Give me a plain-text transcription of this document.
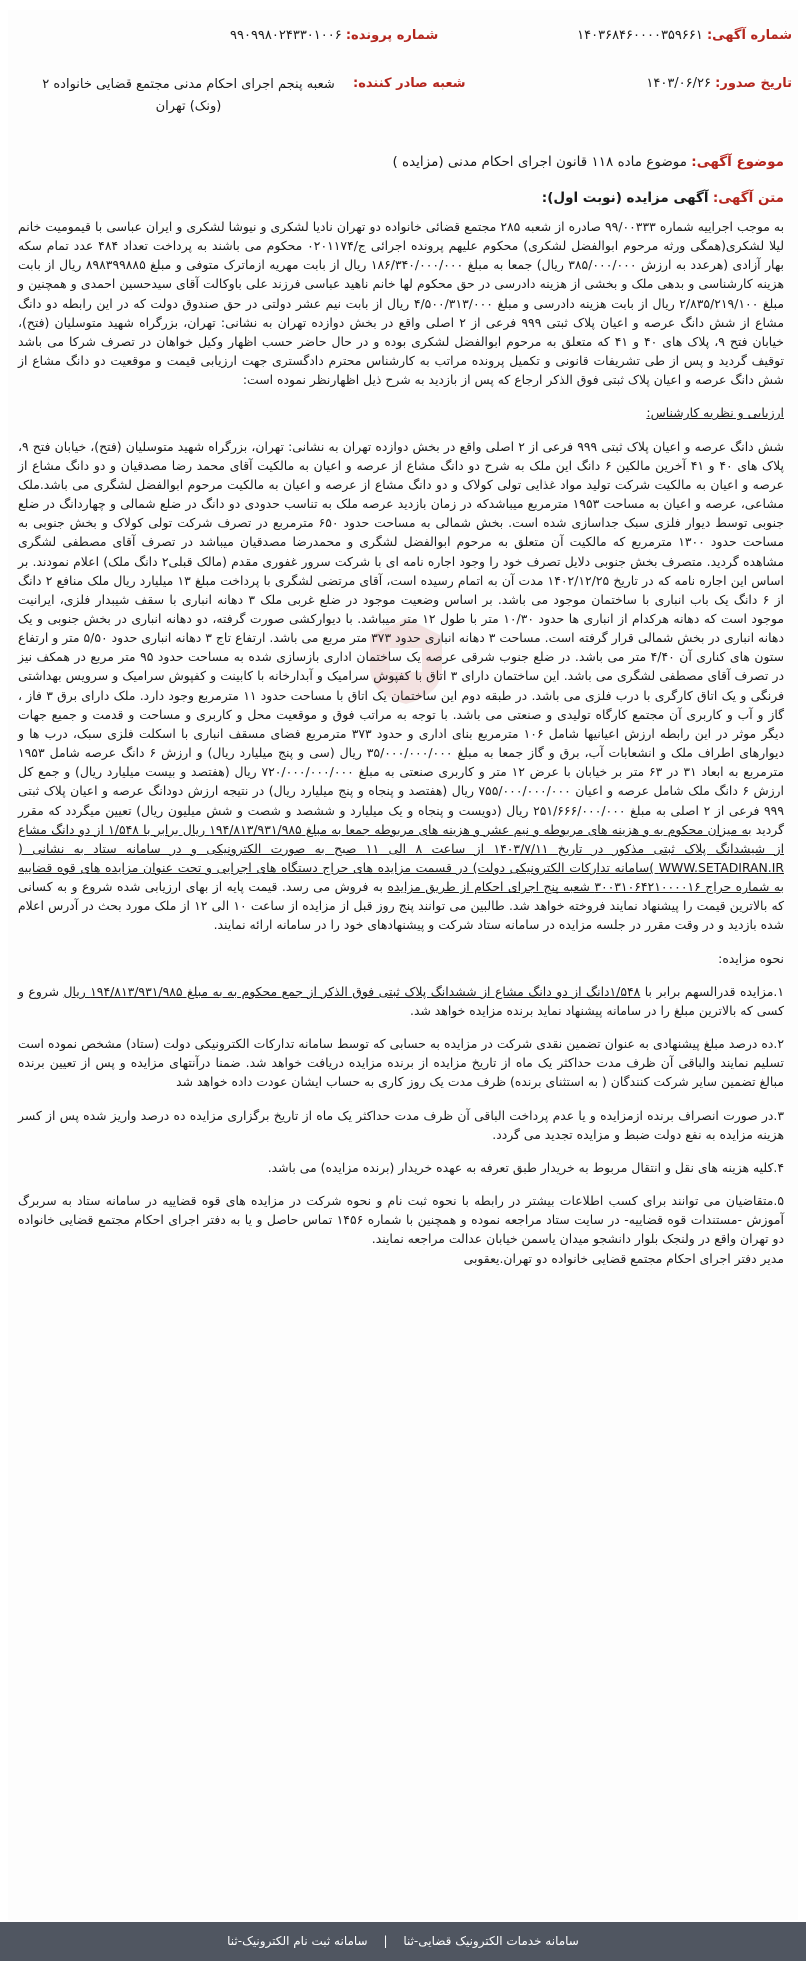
شماره آگهی: ۱۴۰۳۶۸۴۶۰۰۰۰۳۵۹۶۶۱
شماره پرونده: ۹۹۰۹۹۸۰۲۴۳۳۰۱۰۰۶
تاریخ صدور: ۱۴۰۳/۰۶/۲۶
شعبه صادر کننده:
شعبه پنجم اجرای احکام مدنی مجتمع قضایی خانواده ۲ (ونک) تهران
موضوع آگهی: موضوع ماده ۱۱۸ قانون اجرای احکام مدنی (مزایده )
متن آگهی: آگهی مزایده (نوبت اول):

به موجب اجراییه شماره ۹۹/۰۰۳۳۳ صادره از شعبه ۲۸۵ مجتمع قضائی خانواده دو تهران نادیا لشکری و نیوشا لشکری و ایران عباسی با قیمومیت خانم لیلا لشکری(همگی ورثه مرحوم ابوالفضل لشکری) محکوم علیهم پرونده اجرائی ج/۰۲۰۱۱۷۴ محکوم می باشند به پرداخت تعداد ۴۸۴ عدد تمام سکه بهار آزادی (هرعدد به ارزش ۳۸۵/۰۰۰/۰۰۰ ریال) جمعا به مبلغ ۱۸۶/۳۴۰/۰۰۰/۰۰۰ ریال از بابت مهریه ازماترک متوفی و مبلغ ۸۹۸۳۹۹۸۸۵ ریال از بابت هزینه کارشناسی و بدهی ملک و بخشی از هزینه دادرسی در حق محکوم لها خانم ناهید عباسی فرزند علی باوکالت آقای سیدحسین احمدی و همچنین و مبلغ ۲/۸۳۵/۲۱۹/۱۰۰ ریال از بابت هزینه دادرسی و مبلغ ۴/۵۰۰/۳۱۳/۰۰۰ ریال از بابت نیم عشر دولتی در حق صندوق دولت که در این رابطه دو دانگ مشاع از شش دانگ عرصه و اعیان پلاک ثبتی ۹۹۹ فرعی از ۲ اصلی واقع در بخش دوازده تهران به نشانی: تهران، بزرگراه شهید متوسلیان (فتح)، خیابان فتح ۹، پلاک های ۴۰ و ۴۱ که متعلق به مرحوم ابوالفضل لشکری بوده و در حال حاضر حسب اظهار وکیل خواهان در تصرف شرکا می باشد توقیف گردید و پس از طی تشریفات قانونی و تکمیل پرونده مراتب به کارشناس محترم دادگستری جهت ارزیابی قیمت و موقعیت دو دانگ مشاع از شش دانگ عرصه و اعیان پلاک ثبتی فوق الذکر ارجاع که پس از بازدید به شرح ذیل اظهارنظر نموده است:

ارزیابی و نظریه کارشناس:

شش دانگ عرصه و اعیان پلاک ثبتی ۹۹۹ فرعی از ۲ اصلی واقع در بخش دوازده تهران به نشانی: تهران، بزرگراه شهید متوسلیان (فتح)، خیابان فتح ۹، پلاک های ۴۰ و ۴۱ آخرین مالکین ۶ دانگ این ملک به شرح دو دانگ مشاع از عرصه و اعیان به مالکیت آقای محمد رضا مصدقیان و دو دانگ مشاع از عرصه و اعیان به مالکیت شرکت تولید مواد غذایی تولی کولاک و دو دانگ مشاع از عرصه و اعیان به مالکیت مرحوم ابوالفضل لشگری می باشد.ملک مشاعی، عرصه و اعیان به مساحت ۱۹۵۳ مترمربع میباشدکه در زمان بازدید عرصه ملک به تناسب حدودی دو دانگ در ضلع شمالی و چهاردانگ در ضلع جنوبی توسط دیوار فلزی سبک جداسازی شده است. بخش شمالی به مساحت حدود ۶۵۰ مترمربع در تصرف شرکت تولی کولاک و بخش جنوبی به مساحت حدود ۱۳۰۰ مترمربع که مالکیت آن متعلق به مرحوم ابوالفضل لشگری و محمدرضا مصدقیان میباشد در تصرف آقای مصطفی لشگری مشاهده گردید. متصرف بخش جنوبی دلایل تصرف خود را وجود اجاره نامه ای با شرکت سرور غفوری مقدم (مالک قبلی۲ دانگ ملک) اعلام نمودند. بر اساس این اجاره نامه که در تاریخ ۱۴۰۲/۱۲/۲۵ مدت آن به اتمام رسیده است، آقای مرتضی لشگری با پرداخت مبلغ ۱۳ میلیارد ریال ملک منافع ۲ دانگ از ۶ دانگ یک باب انباری با ساختمان موجود می باشد. بر اساس وضعیت موجود در ضلع غربی ملک ۳ دهانه انباری با سقف شیبدار فلزی، ایرانیت موجود است که دهانه هرکدام از انباری ها حدود ۱۰/۳۰ متر با طول ۱۲ متر میباشد. با دیوارکشی صورت گرفته، دو دهانه انباری در بخش جنوبی و یک دهانه انباری در بخش شمالی قرار گرفته است. مساحت ۳ دهانه انباری حدود ۳۷۳ متر مربع می باشد. ارتفاع تاج ۳ دهانه انباری حدود ۵/۵۰ متر و ارتفاع ستون های کناری آن ۴/۴۰ متر می باشد. در ضلع جنوب شرقی عرصه یک ساختمان اداری بازسازی شده به مساحت حدود ۹۵ متر مربع در همکف نیز در تصرف آقای مصطفی لشگری می باشد. این ساختمان دارای ۳ اتاق با کفپوش سرامیک و آبدارخانه با کابینت و کفپوش سرامیک و سرویس بهداشتی فرنگی و یک اتاق کارگری با درب فلزی می باشد. در طبقه دوم این ساختمان یک اتاق با مساحت حدود ۱۱ مترمربع وجود دارد. ملک دارای برق ۳ فاز ، گاز و آب و کاربری آن مجتمع کارگاه تولیدی و صنعتی می باشد. با توجه به مراتب فوق و موقعیت محل و کاربری و مساحت و قدمت و جمیع جهات دیگر موثر در این رابطه ارزش اعیانیها شامل ۱۰۶ مترمربع بنای اداری و حدود ۳۷۳ مترمربع فضای مسقف انباری با اسکلت فلزی سبک، درب ها و دیوارهای اطراف ملک و انشعابات آب، برق و گاز جمعا به مبلغ ۳۵/۰۰۰/۰۰۰/۰۰۰ ریال (سی و پنج میلیارد ریال) و ارزش ۶ دانگ عرصه شامل ۱۹۵۳ مترمربع به ابعاد ۳۱ در ۶۳ متر بر خیابان با عرض ۱۲ متر و کاربری صنعتی به مبلغ ۷۲۰/۰۰۰/۰۰۰/۰۰۰ ریال (هفتصد و بیست میلیارد ریال) و جمع کل ارزش ۶ دانگ ملک شامل عرصه و اعیان ۷۵۵/۰۰۰/۰۰۰/۰۰۰ ریال (هفتصد و پنجاه و پنج میلیارد ریال) در نتیجه ارزش دودانگ عرصه و اعیان پلاک ثبتی ۹۹۹ فرعی از ۲ اصلی به مبلغ ۲۵۱/۶۶۶/۰۰۰/۰۰۰ ریال (دویست و پنجاه و یک میلیارد و ششصد و شصت و شش میلیون ریال) تعیین میگردد که مقرر گردید به میزان محکوم به و هزینه های مربوطه و نیم عشر و هزینه های مربوطه جمعا به مبلغ ۱۹۴/۸۱۳/۹۳۱/۹۸۵ ریال برابر با ۱/۵۴۸ از دو دانگ مشاع از شیشدانگ پلاک ثبتی مذکور در تاریخ ۱۴۰۳/۷/۱۱ از ساعت ۸ الی ۱۱ صبح به صورت الکترونیکی و در سامانه ستاد به نشانی ( WWW.SETADIRAN.IR )سامانه تدارکات الکترونیکی دولت) در قسمت مزایده های حراج دستگاه های اجرایی و تحت عنوان مزایده های قوه قضاییه به شماره حراج ۳۰۰۳۱۰۶۴۲۱۰۰۰۰۱۶ شعبه پنج اجرای احکام از طریق مزایده به فروش می رسد. قیمت پایه از بهای ارزیابی شده شروع و به کسانی که بالاترین قیمت را پیشنهاد نمایند فروخته خواهد شد. طالبین می توانند پنج روز قبل از مزایده از ساعت ۱۰ الی ۱۲ از ملک مورد بحث در آدرس اعلام شده بازدید و در وقت مقرر در جلسه مزایده در سامانه ستاد شرکت و پیشنهادهای خود را در سامانه ارائه نمایند.

نحوه مزایده:

۱.مزایده قدرالسهم برابر با ۱/۵۴۸دانگ از دو دانگ مشاع از ششدانگ پلاک ثبتی فوق الذکر از جمع محکوم به به مبلغ ۱۹۴/۸۱۳/۹۳۱/۹۸۵ ریال شروع و کسی که بالاترین مبلغ را در سامانه پیشنهاد نماید برنده مزایده خواهد شد.

۲.ده درصد مبلغ پیشنهادی به عنوان تضمین نقدی شرکت در مزایده به حسابی که توسط سامانه تدارکات الکترونیکی دولت (ستاد) مشخص نموده است تسلیم نمایند والباقی آن ظرف مدت حداکثر یک ماه از تاریخ مزایده از برنده مزایده دریافت خواهد شد. ضمنا درآنتهای مزایده و پس از تعیین برنده مبالغ تضمین سایر شرکت کنندگان ( به استثنای برنده) ظرف مدت یک روز کاری به حساب ایشان عودت داده خواهد شد

۳.در صورت انصراف برنده ازمزایده و یا عدم پرداخت الباقی آن ظرف مدت حداکثر یک ماه از تاریخ برگزاری مزایده ده درصد واریز شده پس از کسر هزینه مزایده به نفع دولت ضبط و مزایده تجدید می گردد.

۴.کلیه هزینه های نقل و انتقال مربوط به خریدار طبق تعرفه به عهده خریدار (برنده مزایده) می باشد.

۵.متقاضیان می توانند برای کسب اطلاعات بیشتر در رابطه با نحوه ثبت نام و نحوه شرکت در مزایده های قوه قضاییه در سامانه ستاد به سربرگ آموزش -مستندات قوه قضاییه- در سایت ستاد مراجعه نموده و همچنین با شماره ۱۴۵۶ تماس حاصل و یا به دفتر اجرای احکام مجتمع قضایی خانواده دو تهران واقع در ولنجک بلوار دانشجو میدان یاسمن خیابان عدالت مراجعه نمایند.

مدیر دفتر اجرای احکام مجتمع قضایی خانواده دو تهران.یعقوبی

سامانه خدمات الکترونیک قضایی-ثنا | سامانه ثبت نام الکترونیک-ثنا
